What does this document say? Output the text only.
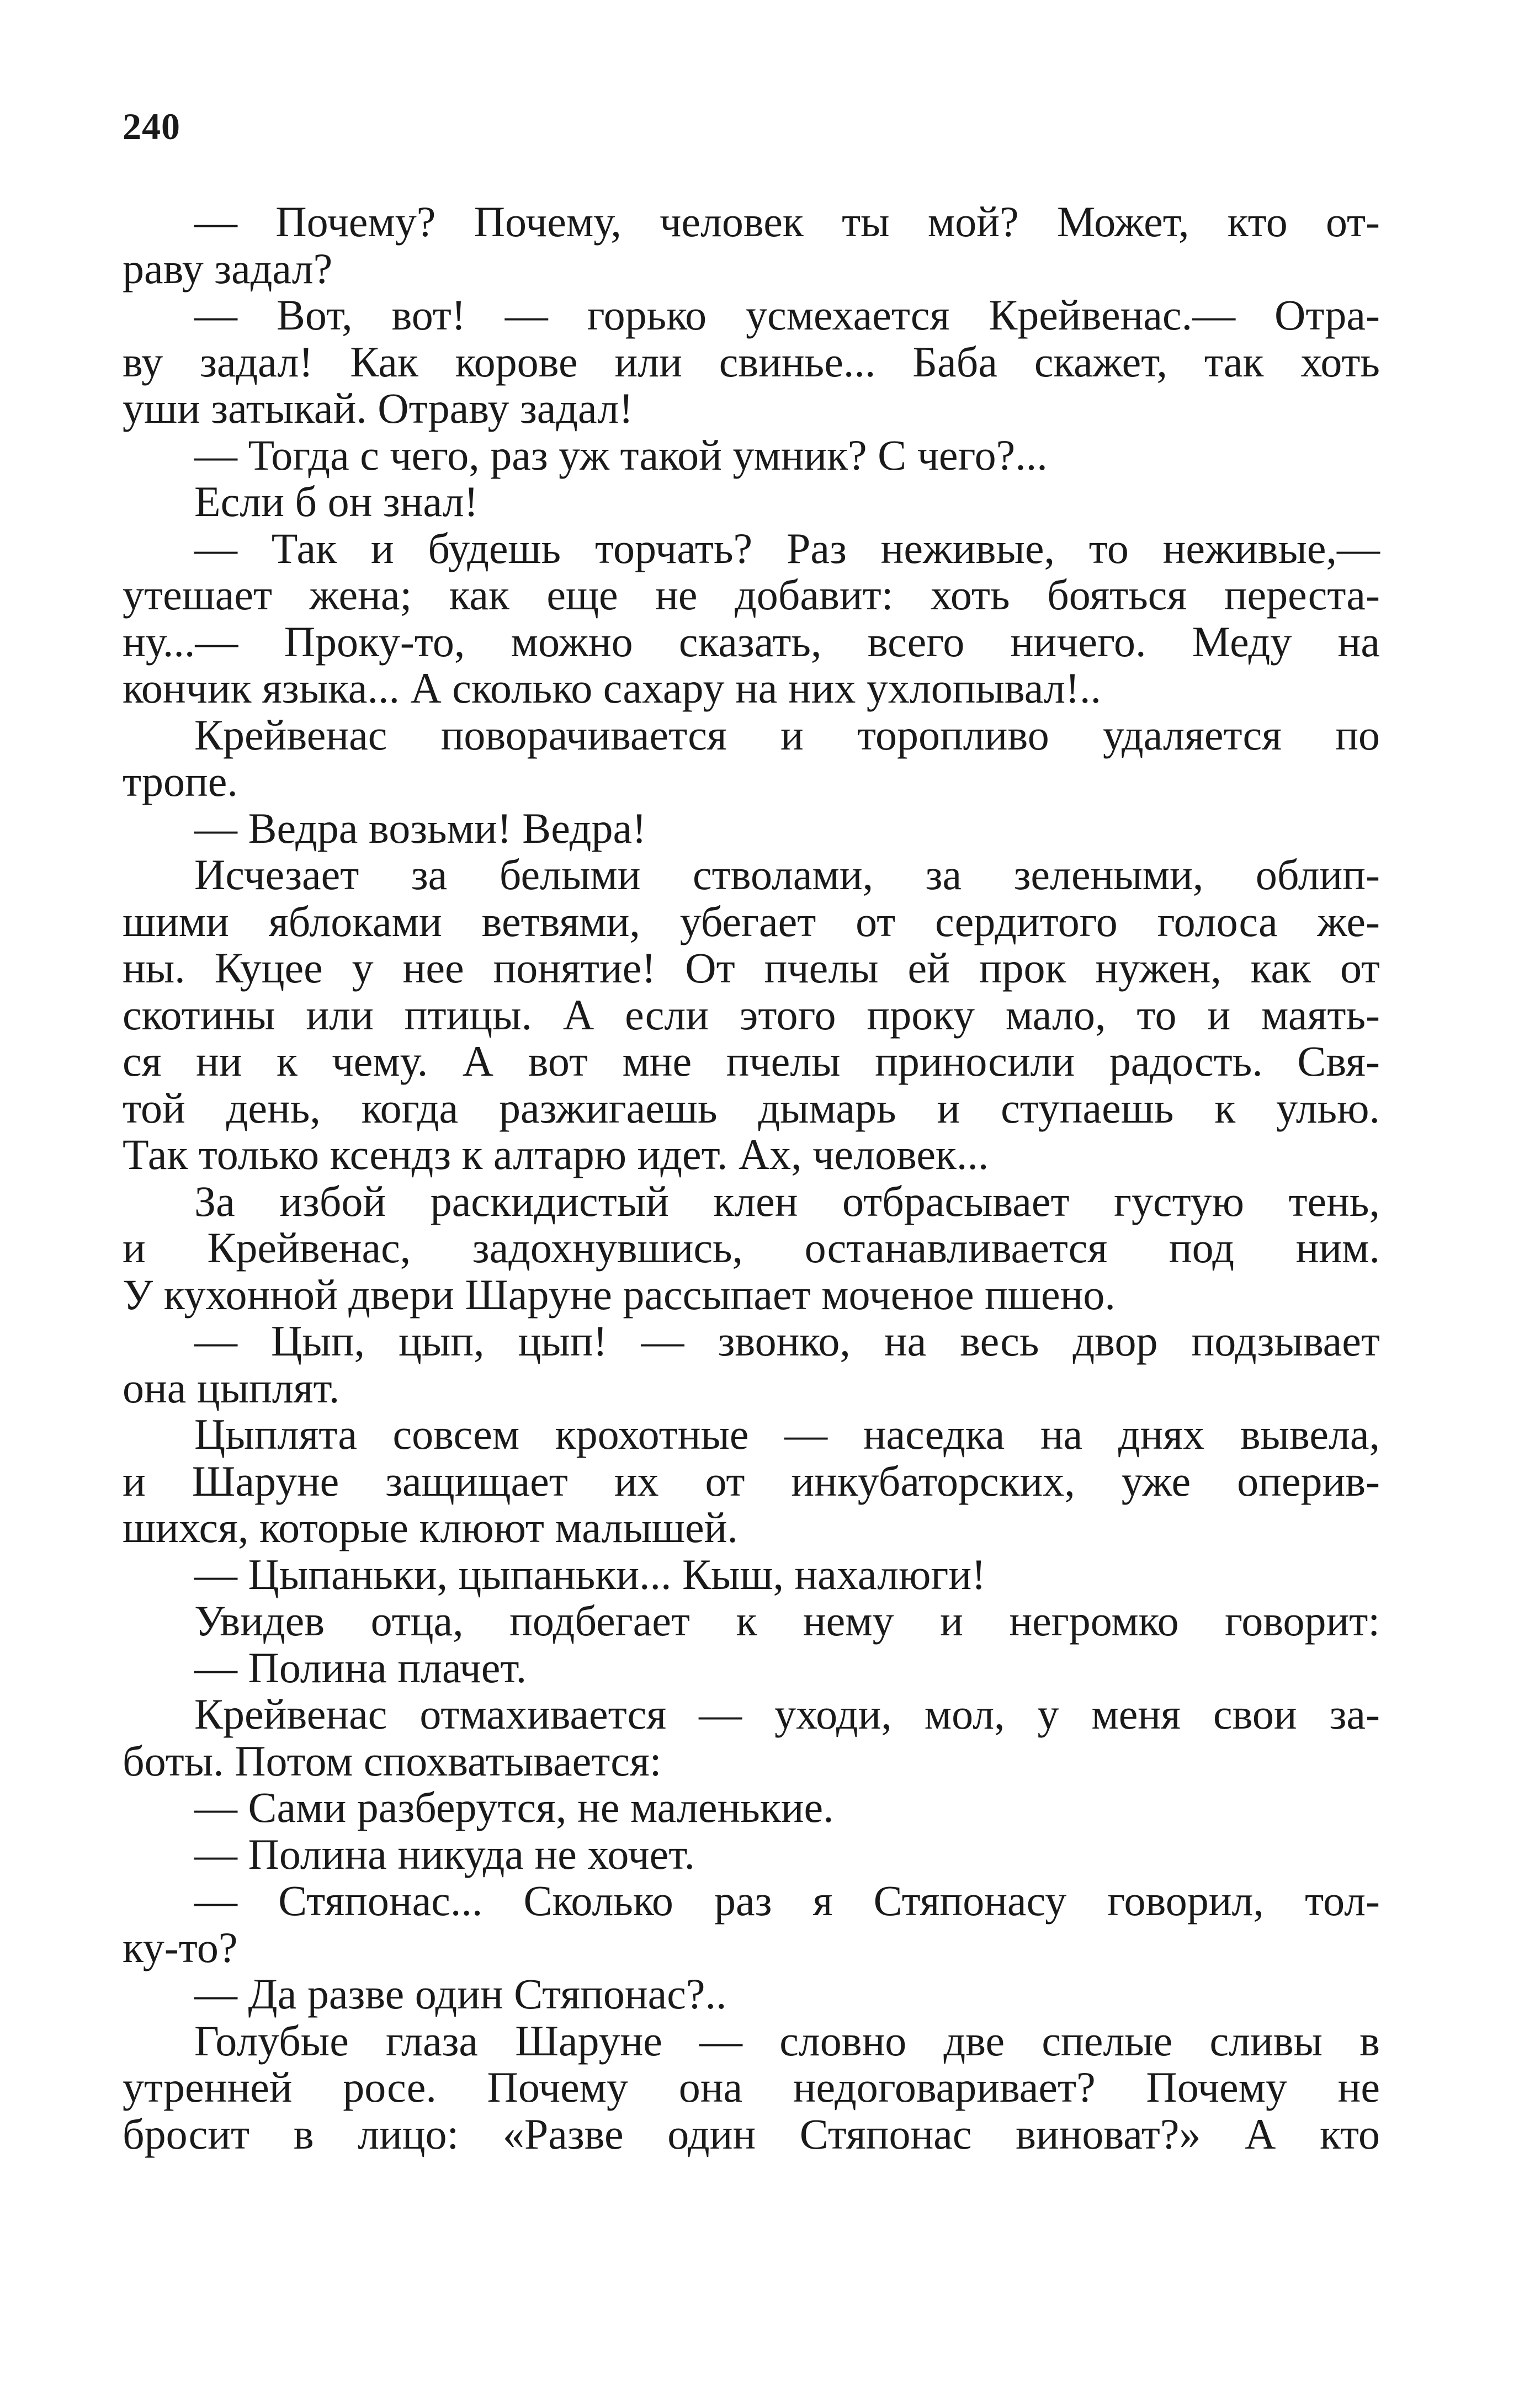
240
— Почему? Почему, человек ты мой? Может, кто от-
раву задал?
— Вот, вот! — горько усмехается Крейвенас.— Отра-
ву задал! Как корове или свинье... Баба скажет, так хоть
уши затыкай. Отраву задал!
— Тогда с чего, раз уж такой умник? С чего?...
Если б он знал!
— Так и будешь торчать? Раз неживые, то неживые,—
утешает жена; как еще не добавит: хоть бояться переста-
ну...— Проку-то, можно сказать, всего ничего. Меду на
кончик языка... А сколько сахару на них ухлопывал!..
Крейвенас поворачивается и торопливо удаляется по
тропе.
— Ведра возьми! Ведра!
Исчезает за белыми стволами, за зелеными, облип-
шими яблоками ветвями, убегает от сердитого голоса же-
ны. Куцее у нее понятие! От пчелы ей прок нужен, как от
скотины или птицы. А если этого проку мало, то и маять-
ся ни к чему. А вот мне пчелы приносили радость. Свя-
той день, когда разжигаешь дымарь и ступаешь к улью.
Так только ксендз к алтарю идет. Ах, человек...
За избой раскидистый клен отбрасывает густую тень,
и Крейвенас, задохнувшись, останавливается под ним.
У кухонной двери Шаруне рассыпает моченое пшено.
— Цып, цып, цып! — звонко, на весь двор подзывает
она цыплят.
Цыплята совсем крохотные — наседка на днях вывела,
и Шаруне защищает их от инкубаторских, уже оперив-
шихся, которые клюют малышей.
— Цыпаньки, цыпаньки... Кыш, нахалюги!
Увидев отца, подбегает к нему и негромко говорит:
— Полина плачет.
Крейвенас отмахивается — уходи, мол, у меня свои за-
боты. Потом спохватывается:
— Сами разберутся, не маленькие.
— Полина никуда не хочет.
— Стяпонас... Сколько раз я Стяпонасу говорил, тол-
ку-то?
— Да разве один Стяпонас?..
Голубые глаза Шаруне — словно две спелые сливы в
утренней росе. Почему она недоговаривает? Почему не
бросит в лицо: «Разве один Стяпонас виноват?» А кто
